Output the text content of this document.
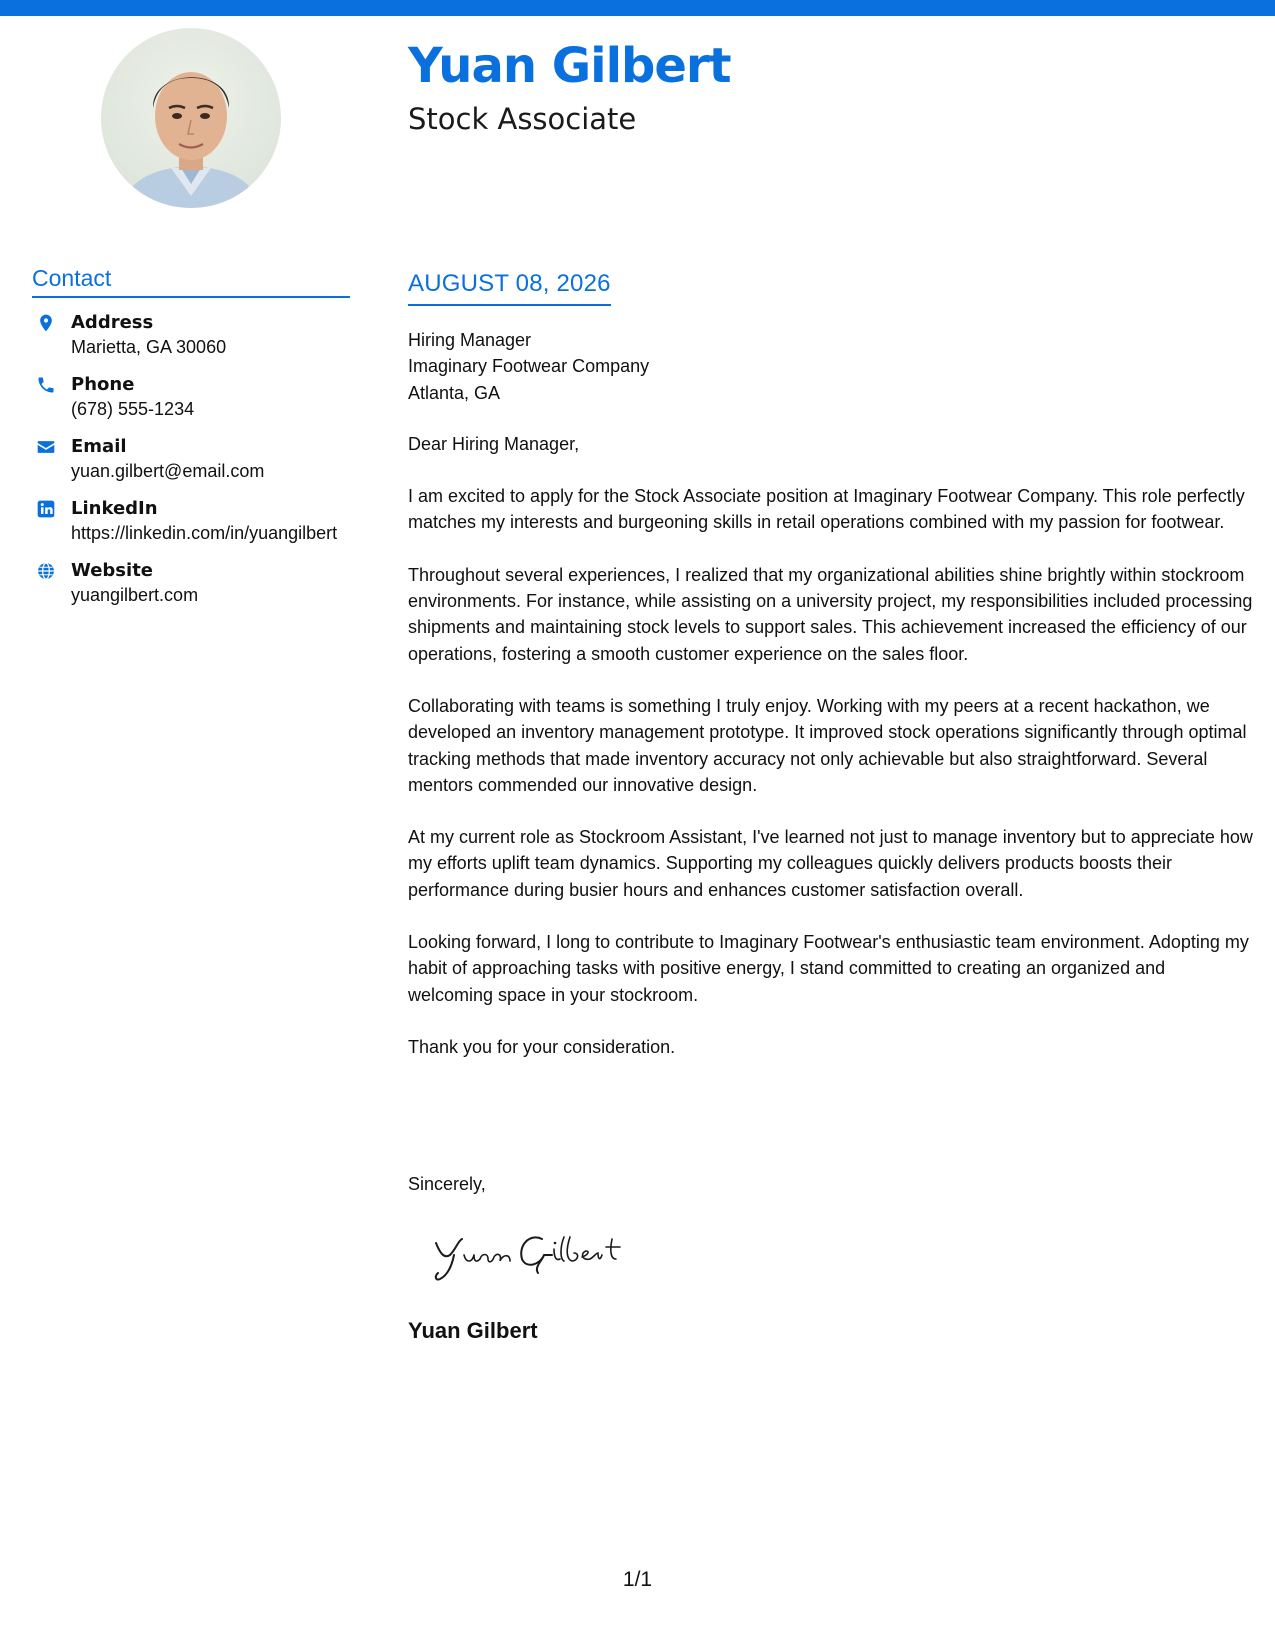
Yuan Gilbert
Stock Associate
Contact
Address
Marietta, GA 30060
Phone
(678) 555-1234
Email
yuan.gilbert@email.com
LinkedIn
https://linkedin.com/in/yuangilbert
Website
yuangilbert.com
AUGUST 08, 2026

Hiring Manager

Imaginary Footwear Company

Atlanta, GA

Dear Hiring Manager,

I am excited to apply for the Stock Associate position at Imaginary Footwear Company. This role perfectly matches my interests and burgeoning skills in retail operations combined with my passion for footwear.

Throughout several experiences, I realized that my organizational abilities shine brightly within stockroom environments. For instance, while assisting on a university project, my responsibilities included processing shipments and maintaining stock levels to support sales. This achievement increased the efficiency of our operations, fostering a smooth customer experience on the sales floor.

Collaborating with teams is something I truly enjoy. Working with my peers at a recent hackathon, we developed an inventory management prototype. It improved stock operations significantly through optimal tracking methods that made inventory accuracy not only achievable but also straightforward. Several mentors commended our innovative design.

At my current role as Stockroom Assistant, I've learned not just to manage inventory but to appreciate how my efforts uplift team dynamics. Supporting my colleagues quickly delivers products boosts their performance during busier hours and enhances customer satisfaction overall.

Looking forward, I long to contribute to Imaginary Footwear's enthusiastic team environment. Adopting my habit of approaching tasks with positive energy, I stand committed to creating an organized and welcoming space in your stockroom.

Thank you for your consideration.

Sincerely,
Yuan Gilbert
1/1
